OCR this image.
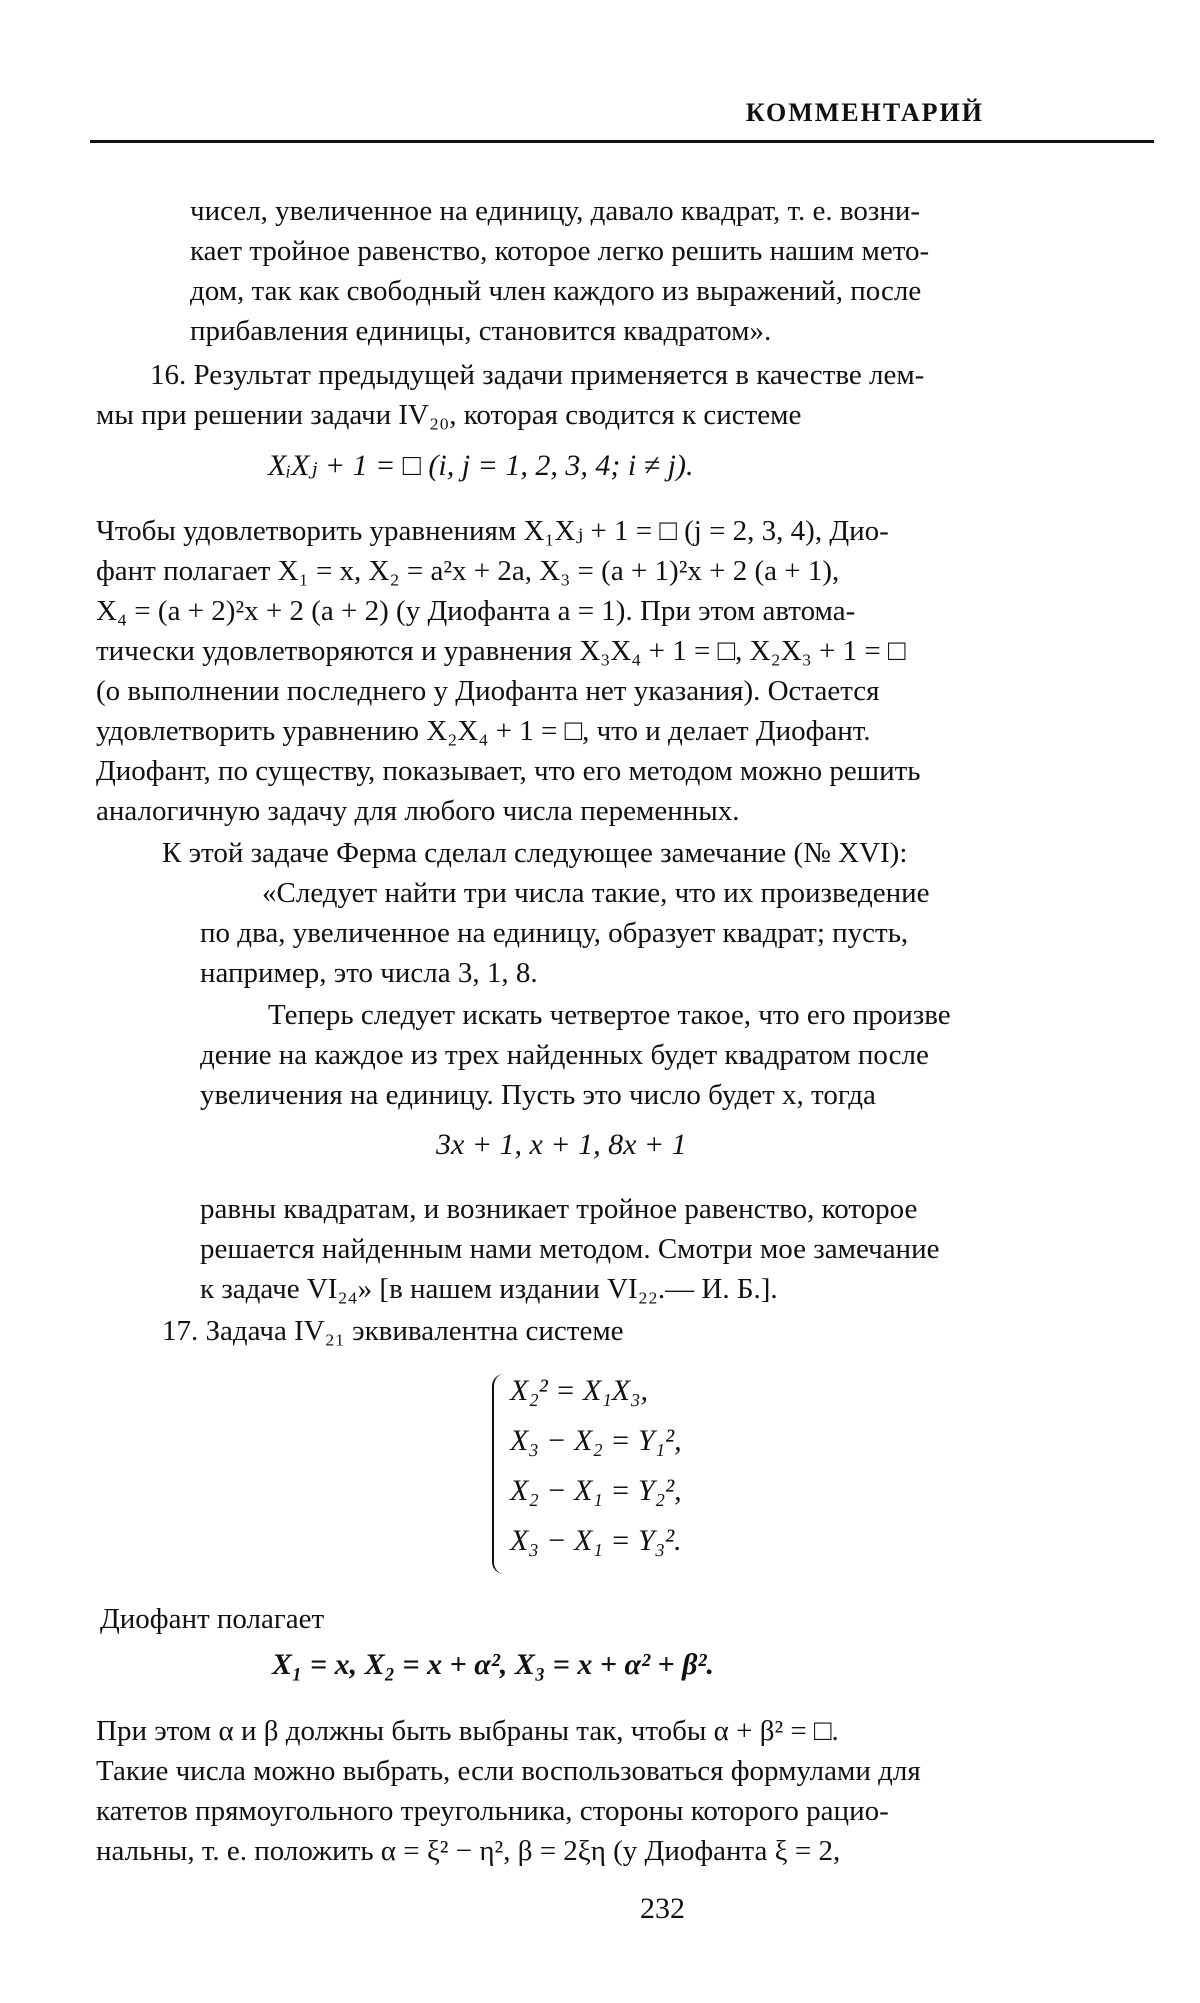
КОММЕНТАРИЙ
чисел, увеличенное на единицу, давало квадрат, т. е. возни-
кает тройное равенство, которое легко решить нашим мето-
дом, так как свободный член каждого из выражений, после
прибавления единицы, становится квадратом».
16. Результат предыдущей задачи применяется в качестве лем-
мы при решении задачи IV₂₀, которая сводится к системе
XᵢXⱼ + 1 = □ (i, j = 1, 2, 3, 4; i ≠ j).
Чтобы удовлетворить уравнениям X₁Xⱼ + 1 = □ (j = 2, 3, 4), Дио-
фант полагает X₁ = x, X₂ = a²x + 2a, X₃ = (a + 1)²x + 2 (a + 1),
X₄ = (a + 2)²x + 2 (a + 2) (у Диофанта a = 1). При этом автома-
тически удовлетворяются и уравнения X₃X₄ + 1 = □, X₂X₃ + 1 = □
(о выполнении последнего у Диофанта нет указания). Остается
удовлетворить уравнению X₂X₄ + 1 = □, что и делает Диофант.
Диофант, по существу, показывает, что его методом можно решить
аналогичную задачу для любого числа переменных.
К этой задаче Ферма сделал следующее замечание (№ XVI):
«Следует найти три числа такие, что их произведение
по два, увеличенное на единицу, образует квадрат; пусть,
например, это числа 3, 1, 8.
Теперь следует искать четвертое такое, что его произве
дение на каждое из трех найденных будет квадратом после
увеличения на единицу. Пусть это число будет x, тогда
3x + 1, x + 1, 8x + 1
равны квадратам, и возникает тройное равенство, которое
решается найденным нами методом. Смотри мое замечание
к задаче VI₂₄» [в нашем издании VI₂₂.— И. Б.].
17. Задача IV₂₁ эквивалентна системе
X₂² = X₁X₃,
X₃ − X₂ = Y₁²,
X₂ − X₁ = Y₂²,
X₃ − X₁ = Y₃².
Диофант полагает
X₁ = x, X₂ = x + α², X₃ = x + α² + β².
При этом α и β должны быть выбраны так, чтобы α + β² = □.
Такие числа можно выбрать, если воспользоваться формулами для
катетов прямоугольного треугольника, стороны которого рацио-
нальны, т. е. положить α = ξ² − η², β = 2ξη (у Диофанта ξ = 2,
232
